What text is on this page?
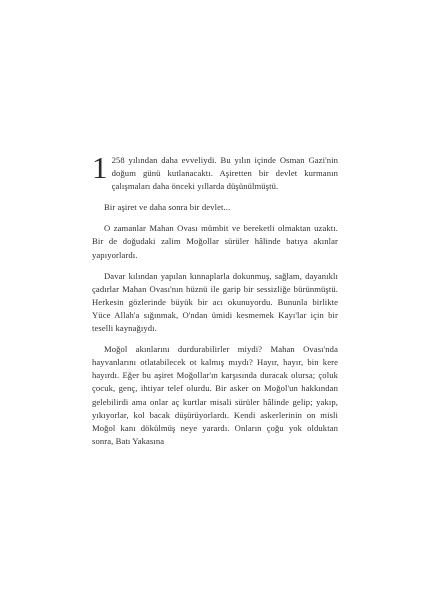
1 258 yılından daha evveliydi. Bu yılın içinde Osman Gazi'nin doğum günü kutlanacaktı. Aşiretten bir devlet kurmanın çalışmaları daha önceki yıllarda düşünülmüştü.

Bir aşiret ve daha sonra bir devlet...

O zamanlar Mahan Ovası mümbit ve bereketli olmaktan uzaktı. Bir de doğudaki zalim Moğollar sürüler hâlinde batıya akınlar yapıyorlardı.

Davar kılından yapılan kınnaplarla dokunmuş, sağlam, dayanıklı çadırlar Mahan Ovası'nın hüznü ile garip bir sessizliğe bürünmüştü. Herkesin gözlerinde büyük bir acı okunuyordu. Bununla birlikte Yüce Allah'a sığınmak, O'ndan ümidi kesmemek Kayı'lar için bir teselli kaynağıydı.

Moğol akınlarını durdurabilirler miydi? Mahan Ovası'nda hayvanlarını otlatabilecek ot kalmış mıydı? Hayır, hayır, bin kere hayırdı. Eğer bu aşiret Moğollar'ın karşısında duracak olursa; çoluk çocuk, genç, ihtiyar telef olurdu. Bir asker on Moğol'un hakkından gelebilirdi ama onlar aç kurtlar misali sürüler hâlinde gelip; yakıp, yıkıyorlar, kol bacak düşürüyorlardı. Kendi askerlerinin on misli Moğol kanı dökülmüş neye yarardı. Onların çoğu yok olduktan sonra, Batı Yakasına
